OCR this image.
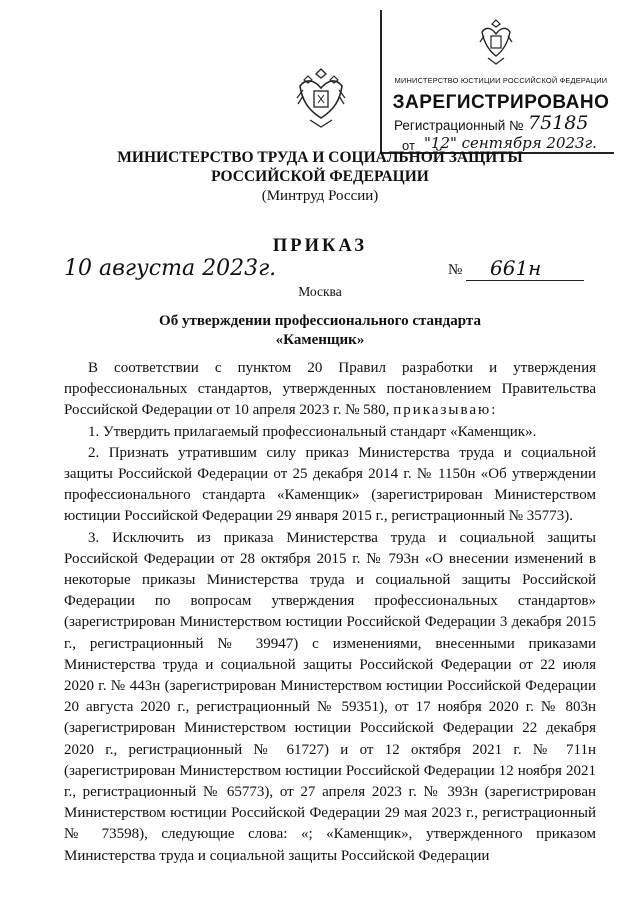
МИНИСТЕРСТВО ЮСТИЦИИ РОССИЙСКОЙ ФЕДЕРАЦИИ
ЗАРЕГИСТРИРОВАНО
Регистрационный № 75185
от "12" сентября 2023г.
МИНИСТЕРСТВО ТРУДА И СОЦИАЛЬНОЙ ЗАЩИТЫ
РОССИЙСКОЙ ФЕДЕРАЦИИ
(Минтруд России)
ПРИКАЗ
10 августа 2023г.	№ 661н
Москва
Об утверждении профессионального стандарта
«Каменщик»

В соответствии с пунктом 20 Правил разработки и утверждения профессиональных стандартов, утвержденных постановлением Правительства Российской Федерации от 10 апреля 2023 г. № 580, приказываю:

1. Утвердить прилагаемый профессиональный стандарт «Каменщик».

2. Признать утратившим силу приказ Министерства труда и социальной защиты Российской Федерации от 25 декабря 2014 г. № 1150н «Об утверждении профессионального стандарта «Каменщик» (зарегистрирован Министерством юстиции Российской Федерации 29 января 2015 г., регистрационный № 35773).

3. Исключить из приказа Министерства труда и социальной защиты Российской Федерации от 28 октября 2015 г. № 793н «О внесении изменений в некоторые приказы Министерства труда и социальной защиты Российской Федерации по вопросам утверждения профессиональных стандартов» (зарегистрирован Министерством юстиции Российской Федерации 3 декабря 2015 г., регистрационный № 39947) с изменениями, внесенными приказами Министерства труда и социальной защиты Российской Федерации от 22 июля 2020 г. № 443н (зарегистрирован Министерством юстиции Российской Федерации 20 августа 2020 г., регистрационный № 59351), от 17 ноября 2020 г. № 803н (зарегистрирован Министерством юстиции Российской Федерации 22 декабря 2020 г., регистрационный № 61727) и от 12 октября 2021 г. № 711н (зарегистрирован Министерством юстиции Российской Федерации 12 ноября 2021 г., регистрационный № 65773), от 27 апреля 2023 г. № 393н (зарегистрирован Министерством юстиции Российской Федерации 29 мая 2023 г., регистрационный № 73598), следующие слова: «; «Каменщик», утвержденного приказом Министерства труда и социальной защиты Российской Федерации
